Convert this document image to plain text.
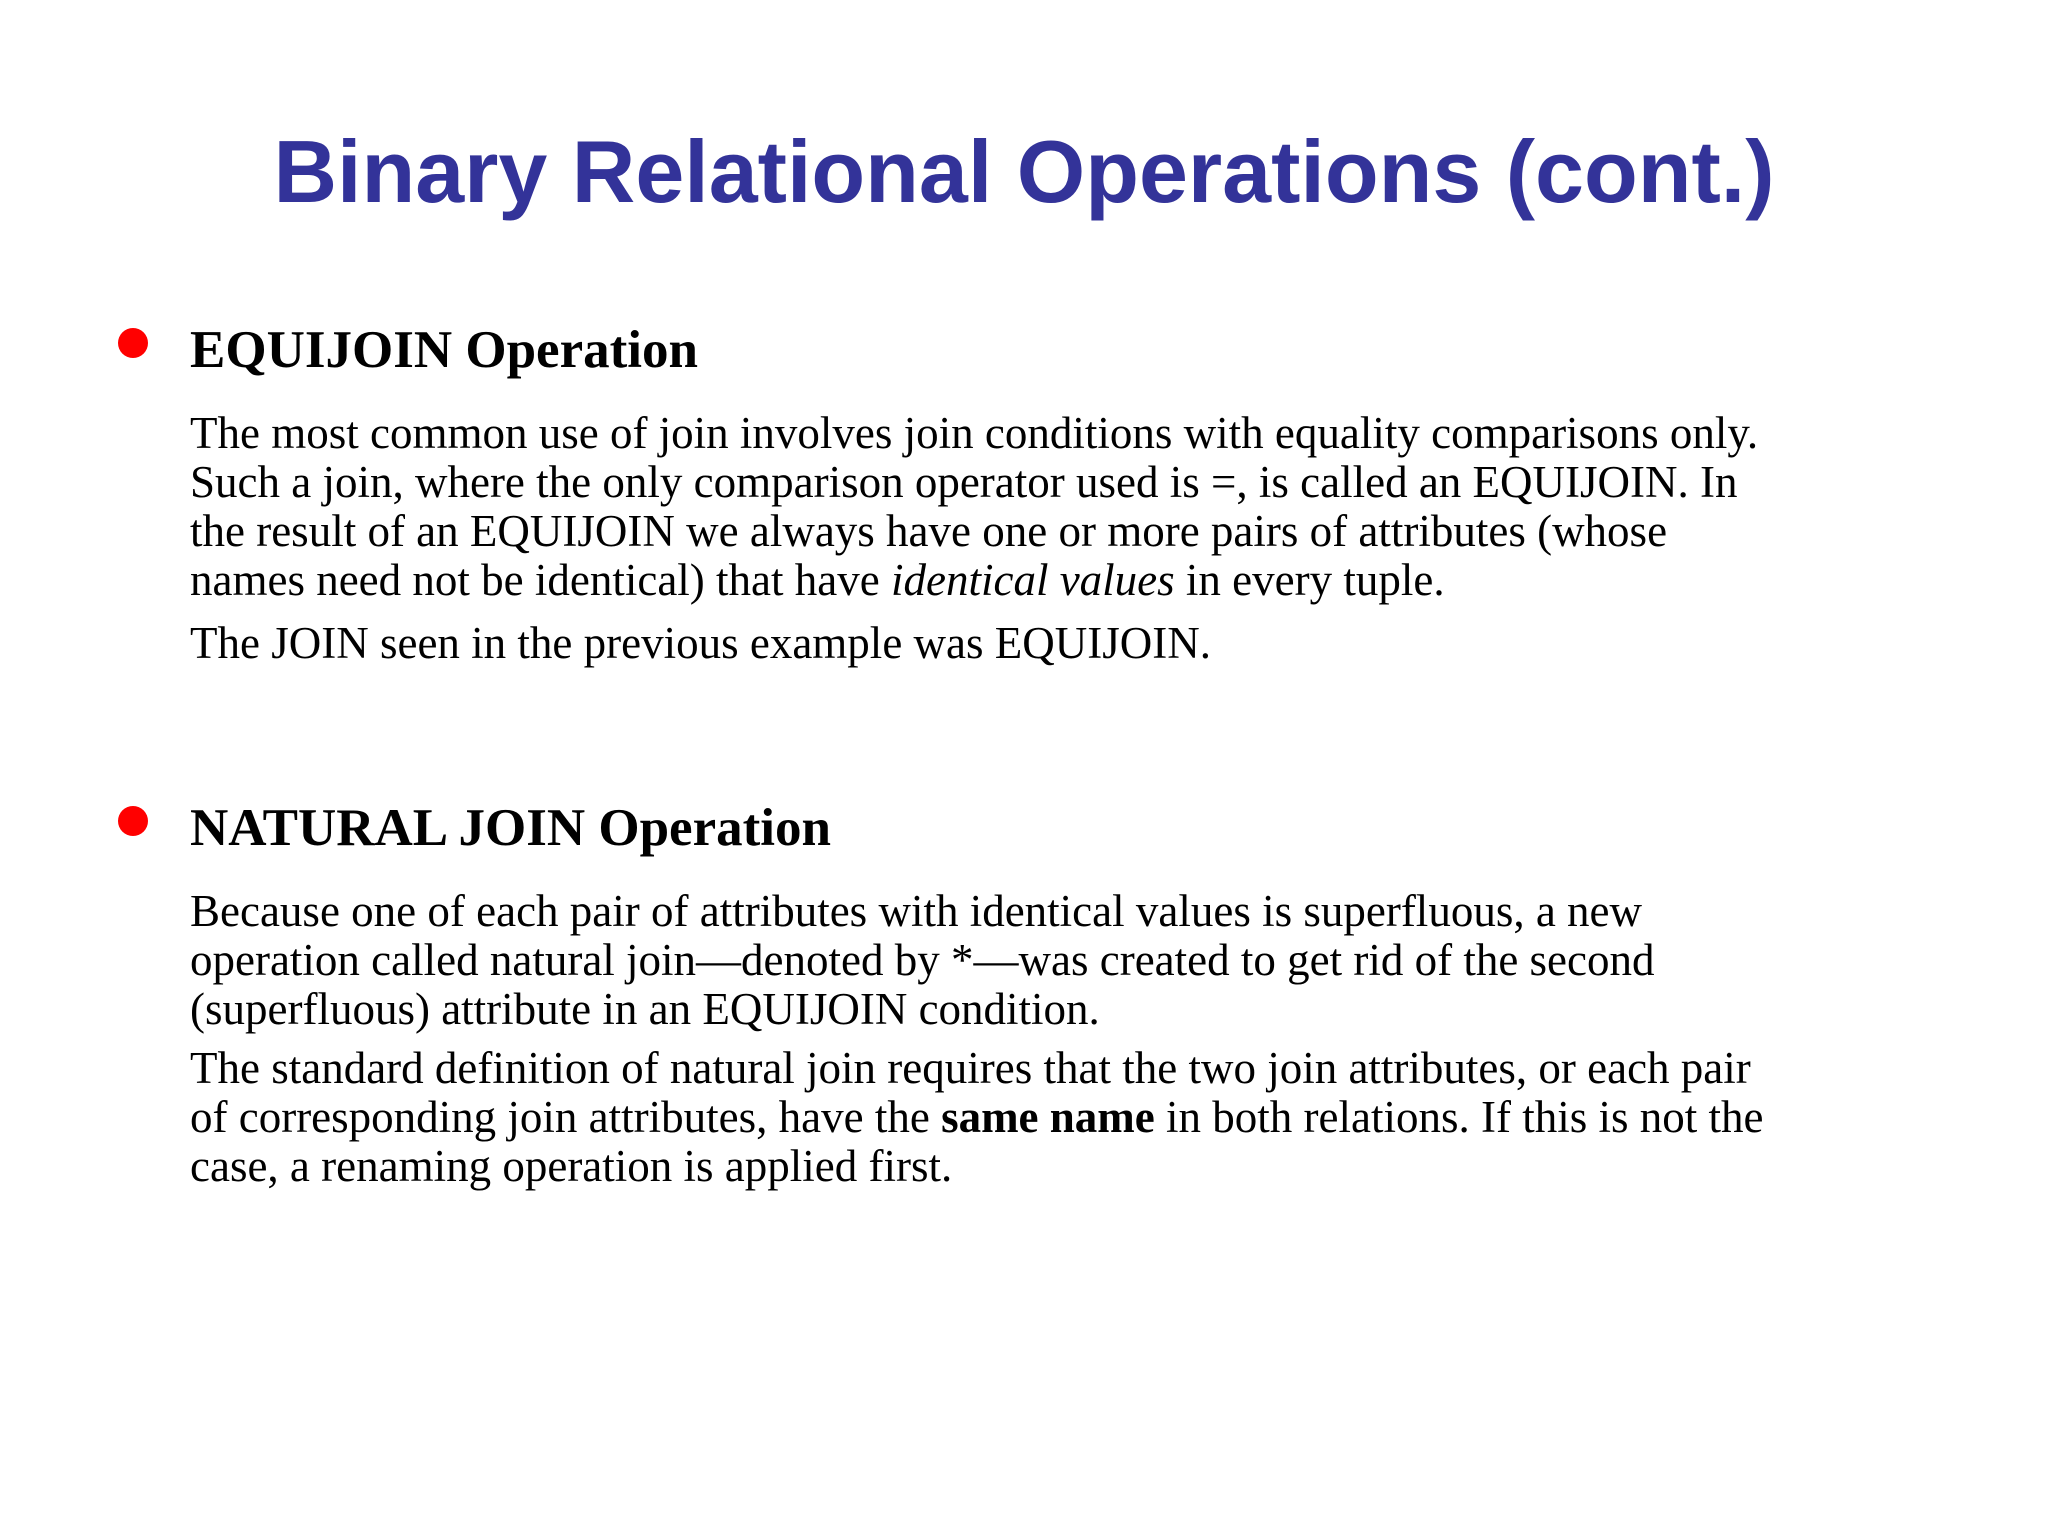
Binary Relational Operations (cont.)

EQUIJOIN Operation

The most common use of join involves join conditions with equality comparisons only.
Such a join, where the only comparison operator used is =, is called an EQUIJOIN. In
the result of an EQUIJOIN we always have one or more pairs of attributes (whose
names need not be identical) that have identical values in every tuple.

The JOIN seen in the previous example was EQUIJOIN.

NATURAL JOIN Operation

Because one of each pair of attributes with identical values is superfluous, a new
operation called natural join—denoted by *—was created to get rid of the second
(superfluous) attribute in an EQUIJOIN condition.

The standard definition of natural join requires that the two join attributes, or each pair
of corresponding join attributes, have the same name in both relations. If this is not the
case, a renaming operation is applied first.
